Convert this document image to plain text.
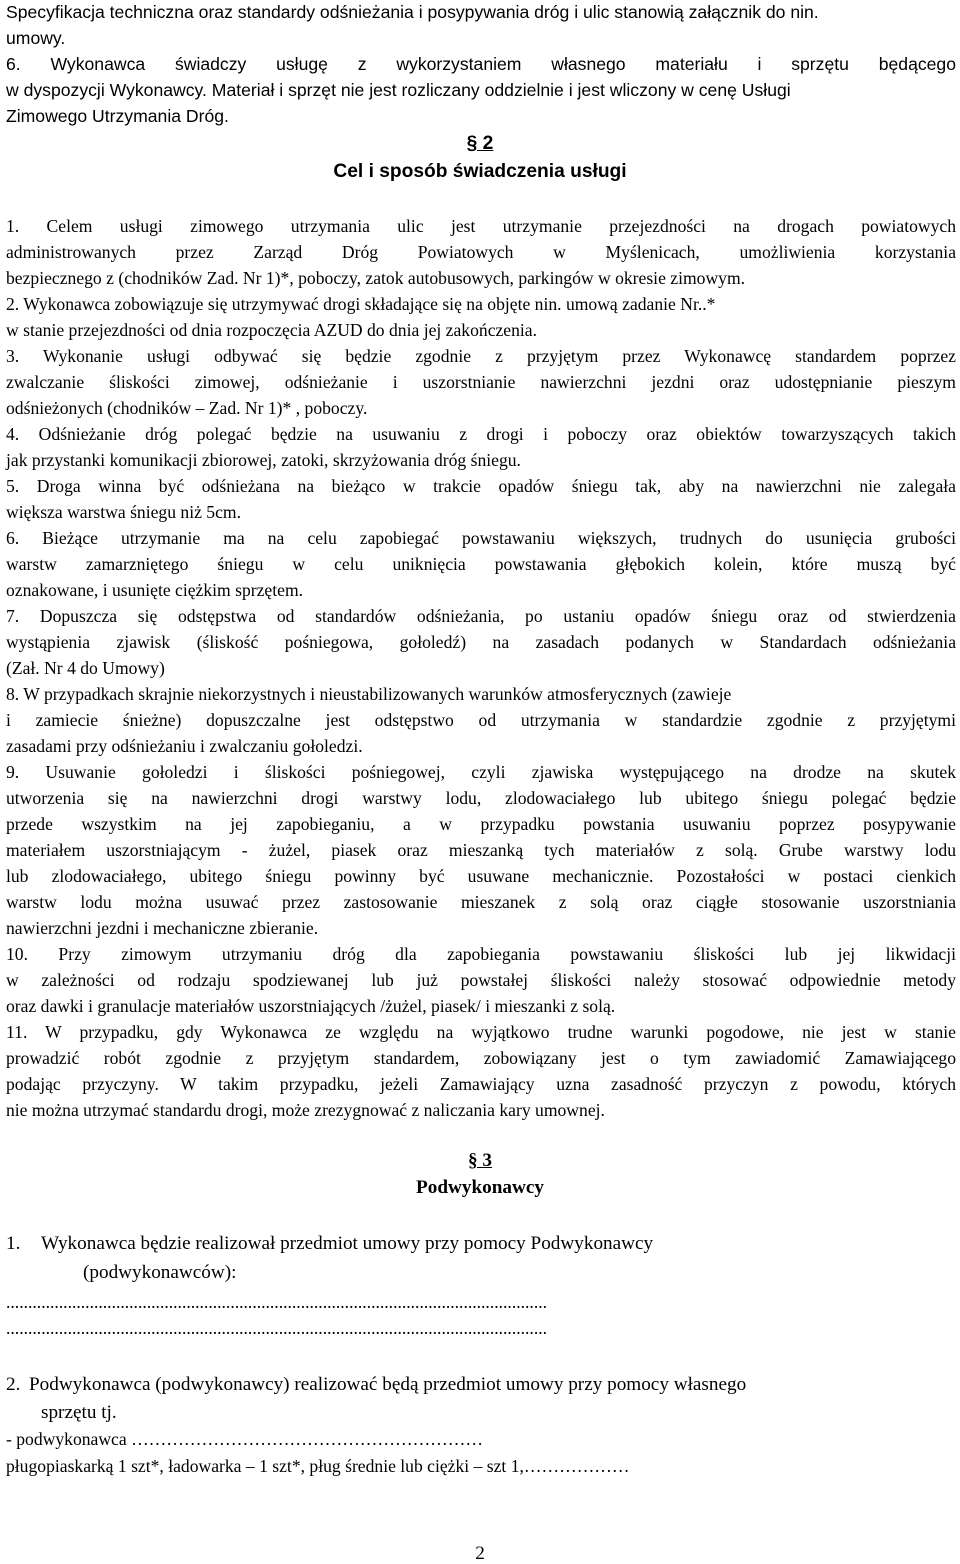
Specyfikacja techniczna oraz standardy odśnieżania i posypywania dróg i ulic stanowią załącznik do nin.
umowy.
6. Wykonawca świadczy usługę z wykorzystaniem własnego materiału i sprzętu będącego
w dyspozycji Wykonawcy. Materiał i sprzęt nie jest rozliczany oddzielnie i jest wliczony w cenę Usługi
Zimowego Utrzymania Dróg.
§ 2
Cel i sposób świadczenia usługi
1. Celem usługi zimowego utrzymania ulic jest utrzymanie przejezdności na drogach powiatowych
administrowanych przez Zarząd Dróg Powiatowych w Myślenicach, umożliwienia korzystania
bezpiecznego z (chodników Zad. Nr 1)*, poboczy, zatok autobusowych, parkingów w okresie zimowym.
2. Wykonawca zobowiązuje się utrzymywać drogi składające się na objęte nin. umową zadanie Nr..*
w stanie przejezdności od dnia rozpoczęcia AZUD do dnia jej zakończenia.
3. Wykonanie usługi odbywać się będzie zgodnie z przyjętym przez Wykonawcę standardem poprzez
zwalczanie śliskości zimowej, odśnieżanie i uszorstnianie nawierzchni jezdni oraz udostępnianie pieszym
odśnieżonych (chodników – Zad. Nr 1)* , poboczy.
4. Odśnieżanie dróg polegać będzie na usuwaniu z drogi i poboczy oraz obiektów towarzyszących takich
jak przystanki komunikacji zbiorowej, zatoki, skrzyżowania dróg śniegu.
5. Droga winna być odśnieżana na bieżąco w trakcie opadów śniegu tak, aby na nawierzchni nie zalegała
większa warstwa śniegu niż 5cm.
6. Bieżące utrzymanie ma na celu zapobiegać powstawaniu większych, trudnych do usunięcia grubości
warstw zamarzniętego śniegu w celu uniknięcia powstawania głębokich kolein, które muszą być
oznakowane, i usunięte ciężkim sprzętem.
7. Dopuszcza się odstępstwa od standardów odśnieżania, po ustaniu opadów śniegu oraz od stwierdzenia
wystąpienia zjawisk (śliskość pośniegowa, gołoledź) na zasadach podanych w Standardach odśnieżania
(Zał. Nr 4 do Umowy)
8. W przypadkach skrajnie niekorzystnych i nieustabilizowanych warunków atmosferycznych (zawieje
i zamiecie śnieżne) dopuszczalne jest odstępstwo od utrzymania w standardzie zgodnie z przyjętymi
zasadami przy odśnieżaniu i zwalczaniu gołoledzi.
9. Usuwanie gołoledzi i śliskości pośniegowej, czyli zjawiska występującego na drodze na skutek
utworzenia się na nawierzchni drogi warstwy lodu, zlodowaciałego lub ubitego śniegu polegać będzie
przede wszystkim na jej zapobieganiu, a w przypadku powstania usuwaniu poprzez posypywanie
materiałem uszorstniającym - żużel, piasek oraz mieszanką tych materiałów z solą. Grube warstwy lodu
lub zlodowaciałego, ubitego śniegu powinny być usuwane mechanicznie. Pozostałości w postaci cienkich
warstw lodu można usuwać przez zastosowanie mieszanek z solą oraz ciągłe stosowanie uszorstniania
nawierzchni jezdni i mechaniczne zbieranie.
10. Przy zimowym utrzymaniu dróg dla zapobiegania powstawaniu śliskości lub jej likwidacji
w zależności od rodzaju spodziewanej lub już powstałej śliskości należy stosować odpowiednie metody
oraz dawki i granulacje materiałów uszorstniających /żużel, piasek/ i mieszanki z solą.
11. W przypadku, gdy Wykonawca ze względu na wyjątkowo trudne warunki pogodowe, nie jest w stanie
prowadzić robót zgodnie z przyjętym standardem, zobowiązany jest o tym zawiadomić Zamawiającego
podając przyczyny. W takim przypadku, jeżeli Zamawiający uzna zasadność przyczyn z powodu, których
nie można utrzymać standardu drogi, może zrezygnować z naliczania kary umownej.
§ 3
Podwykonawcy
1. Wykonawca będzie realizował przedmiot umowy przy pomocy Podwykonawcy
(podwykonawców):
...........................................................................................................................
...........................................................................................................................
2. Podwykonawca (podwykonawcy) realizować będą przedmiot umowy przy pomocy własnego
sprzętu tj.
- podwykonawca ……………………………………………………
pługopiaskarką 1 szt*, ładowarka – 1 szt*, pług średnie lub ciężki – szt 1,………………
2
